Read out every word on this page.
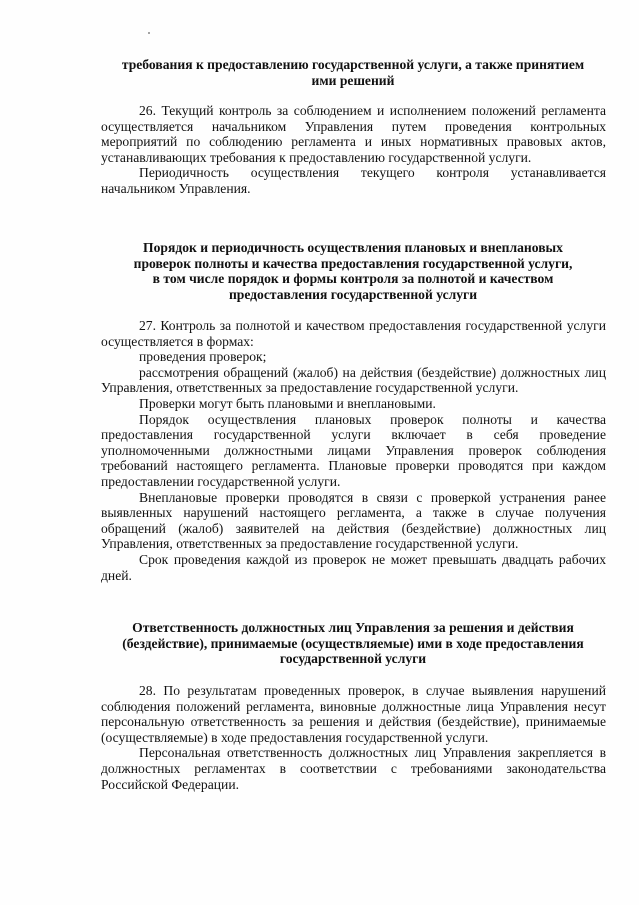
требования к предоставлению государственной услуги, а также принятием
ими решений

26. Текущий контроль за соблюдением и исполнением положений регламента осуществляется начальником Управления путем проведения контрольных мероприятий по соблюдению регламента и иных нормативных правовых актов, устанавливающих требования к предоставлению государственной услуги.

Периодичность осуществления текущего контроля устанавливается начальником Управления.

Порядок и периодичность осуществления плановых и внеплановых
проверок полноты и качества предоставления государственной услуги,
в том числе порядок и формы контроля за полнотой и качеством
предоставления государственной услуги

27. Контроль за полнотой и качеством предоставления государственной услуги осуществляется в формах:

проведения проверок;

рассмотрения обращений (жалоб) на действия (бездействие) должностных лиц Управления, ответственных за предоставление государственной услуги.

Проверки могут быть плановыми и внеплановыми.

Порядок осуществления плановых проверок полноты и качества предоставления государственной услуги включает в себя проведение уполномоченными должностными лицами Управления проверок соблюдения требований настоящего регламента. Плановые проверки проводятся при каждом предоставлении государственной услуги.

Внеплановые проверки проводятся в связи с проверкой устранения ранее выявленных нарушений настоящего регламента, а также в случае получения обращений (жалоб) заявителей на действия (бездействие) должностных лиц Управления, ответственных за предоставление государственной услуги.

Срок проведения каждой из проверок не может превышать двадцать рабочих дней.

Ответственность должностных лиц Управления за решения и действия
(бездействие), принимаемые (осуществляемые) ими в ходе предоставления
государственной услуги

28. По результатам проведенных проверок, в случае выявления нарушений соблюдения положений регламента, виновные должностные лица Управления несут персональную ответственность за решения и действия (бездействие), принимаемые (осуществляемые) в ходе предоставления государственной услуги.

Персональная ответственность должностных лиц Управления закрепляется в должностных регламентах в соответствии с требованиями законодательства Российской Федерации.
